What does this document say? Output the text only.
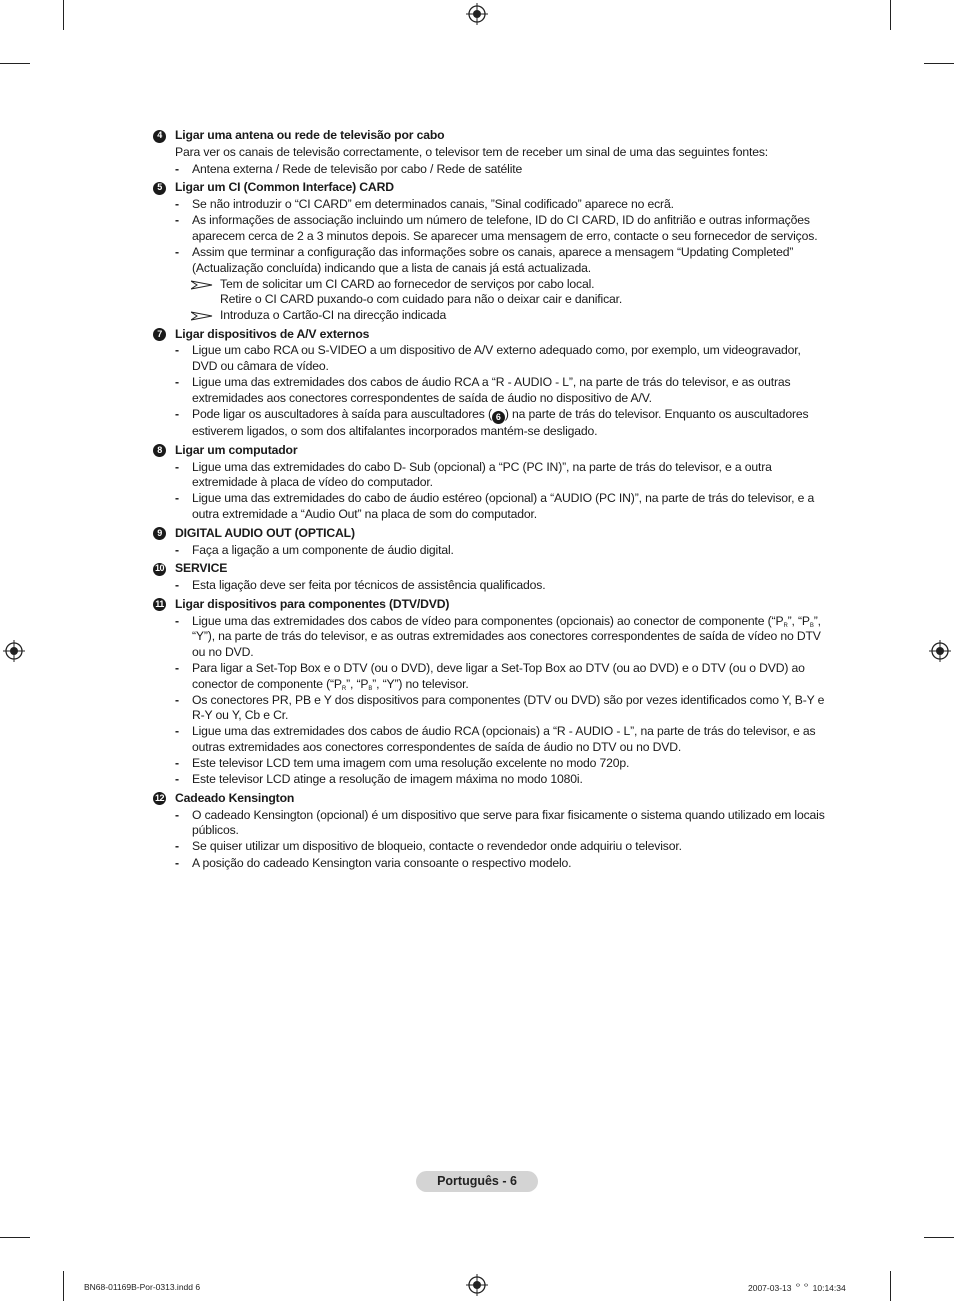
4	Ligar uma antena ou rede de televisão por cabo
Para ver os canais de televisão correctamente, o televisor tem de receber um sinal de uma das seguintes fontes:
- Antena externa / Rede de televisão por cabo / Rede de satélite
5	Ligar um CI (Common Interface) CARD
- Se não introduzir o “CI CARD” em determinados canais, ”Sinal codificado” aparece no ecrã.
- As informações de associação incluindo um número de telefone, ID do CI CARD, ID do anfitrião e outras informações aparecem cerca de 2 a 3 minutos depois. Se aparecer uma mensagem de erro, contacte o seu fornecedor de serviços.
- Assim que terminar a configuração das informações sobre os canais, aparece a mensagem “Updating Completed” (Actualização concluída) indicando que a lista de canais já está actualizada.
Tem de solicitar um CI CARD ao fornecedor de serviços por cabo local.
Retire o CI CARD puxando-o com cuidado para não o deixar cair e danificar.
Introduza o Cartão-CI na direcção indicada
7	Ligar dispositivos de A/V externos
- Ligue um cabo RCA ou S-VIDEO a um dispositivo de A/V externo adequado como, por exemplo, um videogravador, DVD ou câmara de vídeo.
- Ligue uma das extremidades dos cabos de áudio RCA a “R - AUDIO - L”, na parte de trás do televisor, e as outras extremidades aos conectores correspondentes de saída de áudio no dispositivo de A/V.
- Pode ligar os auscultadores à saída para auscultadores ( 6 ) na parte de trás do televisor. Enquanto os auscultadores estiverem ligados, o som dos altifalantes incorporados mantém-se desligado.
8	Ligar um computador
- Ligue uma das extremidades do cabo D- Sub (opcional) a “PC (PC IN)”, na parte de trás do televisor, e a outra extremidade à placa de vídeo do computador.
- Ligue uma das extremidades do cabo de áudio estéreo (opcional) a “AUDIO (PC IN)”, na parte de trás do televisor, e a outra extremidade a “Audio Out” na placa de som do computador.
9	DIGITAL AUDIO OUT (OPTICAL)
- Faça a ligação a um componente de áudio digital.
10 SERVICE
- Esta ligação deve ser feita por técnicos de assistência qualificados.
11 Ligar dispositivos para componentes (DTV/DVD)
- Ligue uma das extremidades dos cabos de vídeo para componentes (opcionais) ao conector de componente (“$P_R$”, “$P_B$”, “Y”), na parte de trás do televisor, e as outras extremidades aos conectores correspondentes de saída de vídeo no DTV ou no DVD.
- Para ligar a Set-Top Box e o DTV (ou o DVD), deve ligar a Set-Top Box ao DTV (ou ao DVD) e o DTV (ou o DVD) ao conector de componente (“$P_R$”, “$P_B$”, “Y”) no televisor.
- Os conectores PR, PB e Y dos dispositivos para componentes (DTV ou DVD) são por vezes identificados como Y, B-Y e R-Y ou Y, Cb e Cr.
- Ligue uma das extremidades dos cabos de áudio RCA (opcionais) a “R - AUDIO - L”, na parte de trás do televisor, e as outras extremidades aos conectores correspondentes de saída de áudio no DTV ou no DVD.
- Este televisor LCD tem uma imagem com uma resolução excelente no modo 720p.
- Este televisor LCD atinge a resolução de imagem máxima no modo 1080i.
12 Cadeado Kensington
- O cadeado Kensington (opcional) é um dispositivo que serve para fixar fisicamente o sistema quando utilizado em locais públicos.
- Se quiser utilizar um dispositivo de bloqueio, contacte o revendedor onde adquiriu o televisor.
- A posição do cadeado Kensington varia consoante o respectivo modelo.
Português - 6
BN68-01169B-Por-0313.indd 6	2007-03-13 ᄋᄋ 10:14:34
